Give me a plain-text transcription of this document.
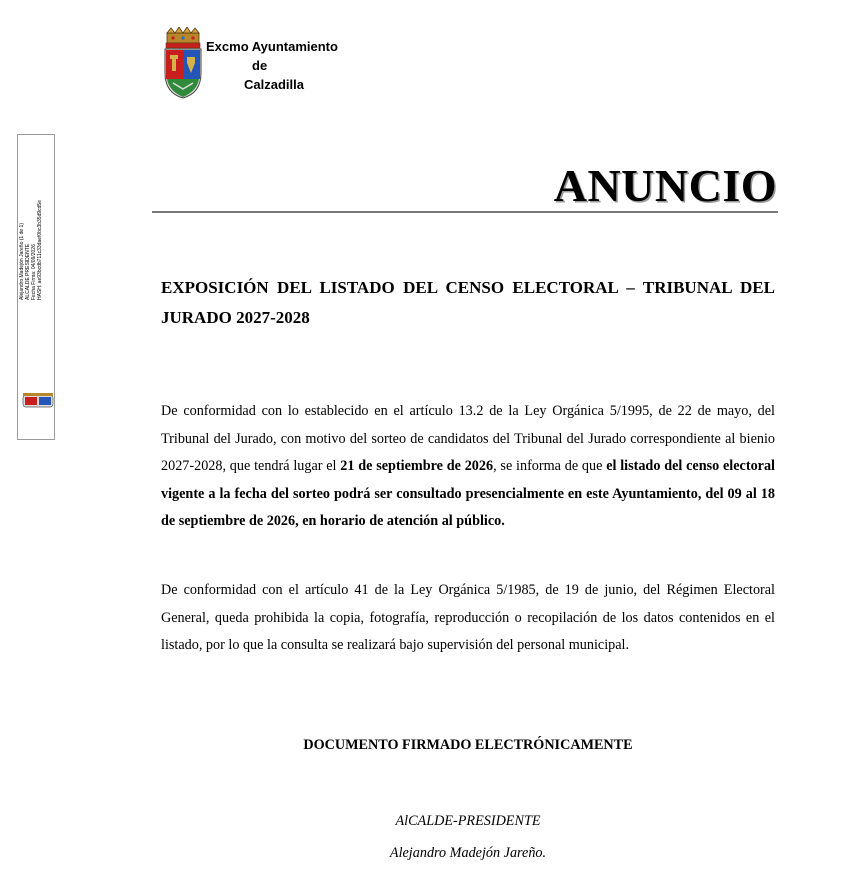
Excmo Ayuntamiento
de
Calzadilla
Alejandro Madejón Jareño (1 de 1) ALCALDE PRESIDENTE Fecha Firma: 04/09/2026 HASH: ae93bcdb711c33daef0bc3b35d9cd5e
ANUNCIO
EXPOSICIÓN DEL LISTADO DEL CENSO ELECTORAL – TRIBUNAL DEL JURADO 2027-2028
De conformidad con lo establecido en el artículo 13.2 de la Ley Orgánica 5/1995, de 22 de mayo, del Tribunal del Jurado, con motivo del sorteo de candidatos del Tribunal del Jurado correspondiente al bienio 2027-2028, que tendrá lugar el 21 de septiembre de 2026, se informa de que el listado del censo electoral vigente a la fecha del sorteo podrá ser consultado presencialmente en este Ayuntamiento, del 09 al 18 de septiembre de 2026, en horario de atención al público.
De conformidad con el artículo 41 de la Ley Orgánica 5/1985, de 19 de junio, del Régimen Electoral General, queda prohibida la copia, fotografía, reproducción o recopilación de los datos contenidos en el listado, por lo que la consulta se realizará bajo supervisión del personal municipal.
DOCUMENTO FIRMADO ELECTRÓNICAMENTE
AlCALDE-PRESIDENTE
Alejandro Madejón Jareño.
